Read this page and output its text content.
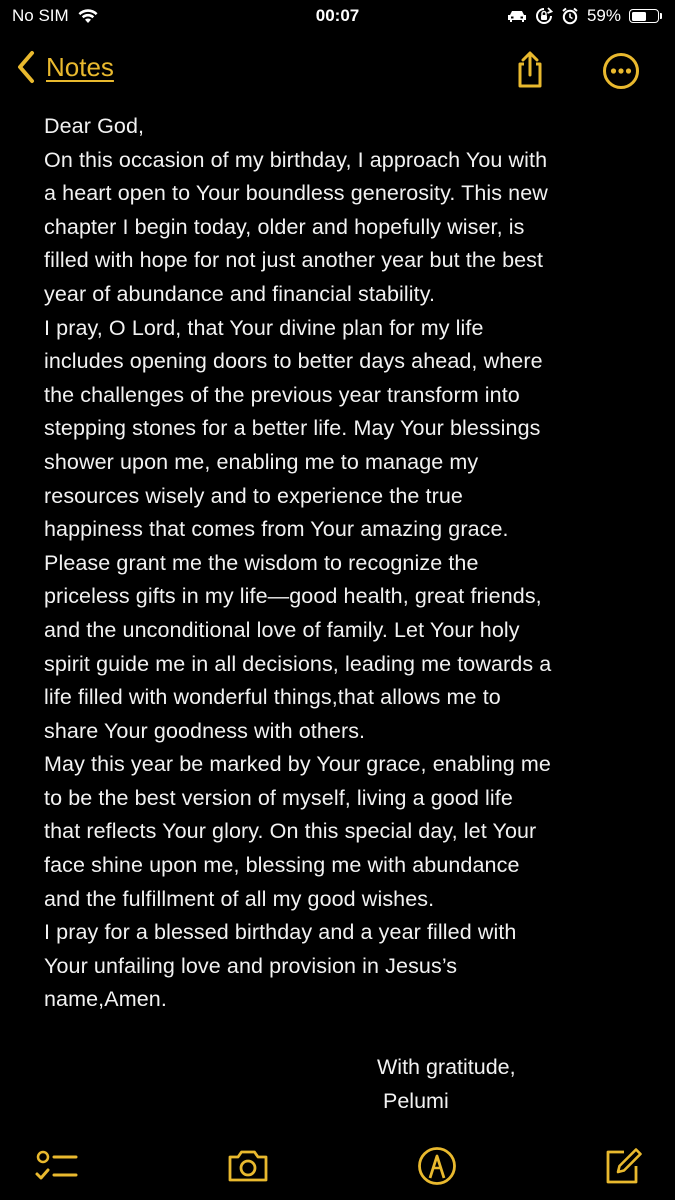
No SIM	00:07	59%
Notes
Dear God,
On this occasion of my birthday, I approach You with
a heart open to Your boundless generosity. This new
chapter I begin today, older and hopefully wiser, is
filled with hope for not just another year but the best
year of abundance and financial stability.
I pray, O Lord, that Your divine plan for my life
includes opening doors to better days ahead, where
the challenges of the previous year transform into
stepping stones for a better life. May Your blessings
shower upon me, enabling me to manage my
resources wisely and to experience the true
happiness that comes from Your amazing grace.
Please grant me the wisdom to recognize the
priceless gifts in my life—good health, great friends,
and the unconditional love of family. Let Your holy
spirit guide me in all decisions, leading me towards a
life filled with wonderful things,that allows me to
share Your goodness with others.
May this year be marked by Your grace, enabling me
to be the best version of myself, living a good life
that reflects Your glory. On this special day, let Your
face shine upon me, blessing me with abundance
and the fulfillment of all my good wishes.
I pray for a blessed birthday and a year filled with
Your unfailing love and provision in Jesus’s
name,Amen.
With gratitude,
Pelumi
